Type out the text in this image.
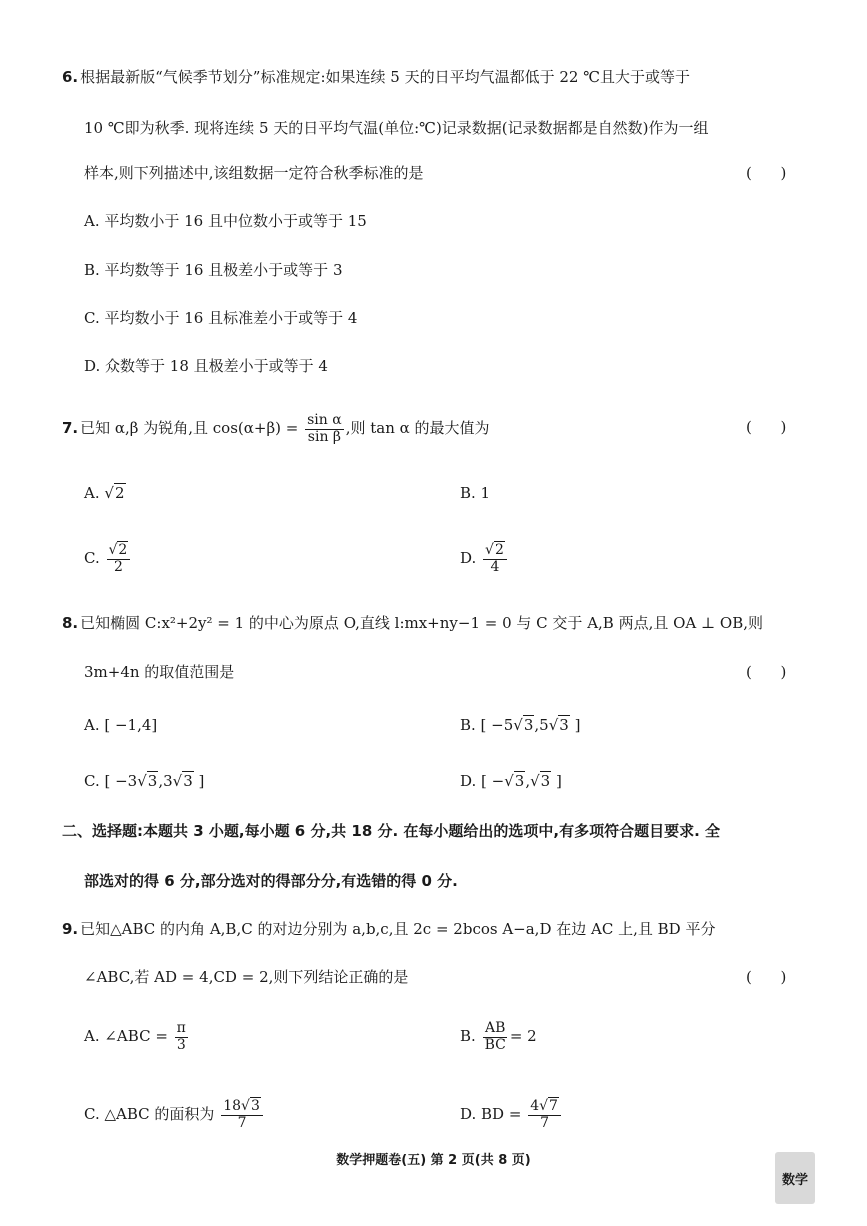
6. 根据最新版“气候季节划分”标准规定:如果连续 5 天的日平均气温都低于 22 ℃且大于或等于
10 ℃即为秋季. 现将连续 5 天的日平均气温(单位:℃)记录数据(记录数据都是自然数)作为一组
样本,则下列描述中,该组数据一定符合秋季标准的是	(      )
A. 平均数小于 16 且中位数小于或等于 15
B. 平均数等于 16 且极差小于或等于 3
C. 平均数小于 16 且标准差小于或等于 4
D. 众数等于 18 且极差小于或等于 4
7. 已知 α,β 为锐角,且 $\cos(\alpha+\beta) = \frac{\text{sin α}}{\text{sin β}}$ ,则 tan α 的最大值为	(      )
A. √2	B. 1
C. $\frac{√2}{2}$	D. $\frac{√2}{4}$
8. 已知椭圆 C:x²+2y² = 1 的中心为原点 O,直线 l:mx+ny−1 = 0 与 C 交于 A,B 两点,且 OA ⊥ OB,则
3m+4n 的取值范围是	(      )
A. [ −1,4]	B. [ −5√3,5√3 ]
C. [ −3√3,3√3 ]	D. [ −√3,√3 ]
二、选择题:本题共 3 小题,每小题 6 分,共 18 分. 在每小题给出的选项中,有多项符合题目要求. 全
部选对的得 6 分,部分选对的得部分分,有选错的得 0 分.
9. 已知△ABC 的内角 A,B,C 的对边分别为 a,b,c,且 2c = 2bcos A−a,D 在边 AC 上,且 BD 平分
∠ABC,若 AD = 4,CD = 2,则下列结论正确的是	(      )
A. ∠ABC = $\frac{\pi}{3}$	B. $\frac{AB}{BC} = 2$
C. △ABC 的面积为 $\frac{18√3}{7}$	D. BD = $\frac{4√7}{7}$
数学押题卷(五) 第 2 页(共 8 页)
数学
